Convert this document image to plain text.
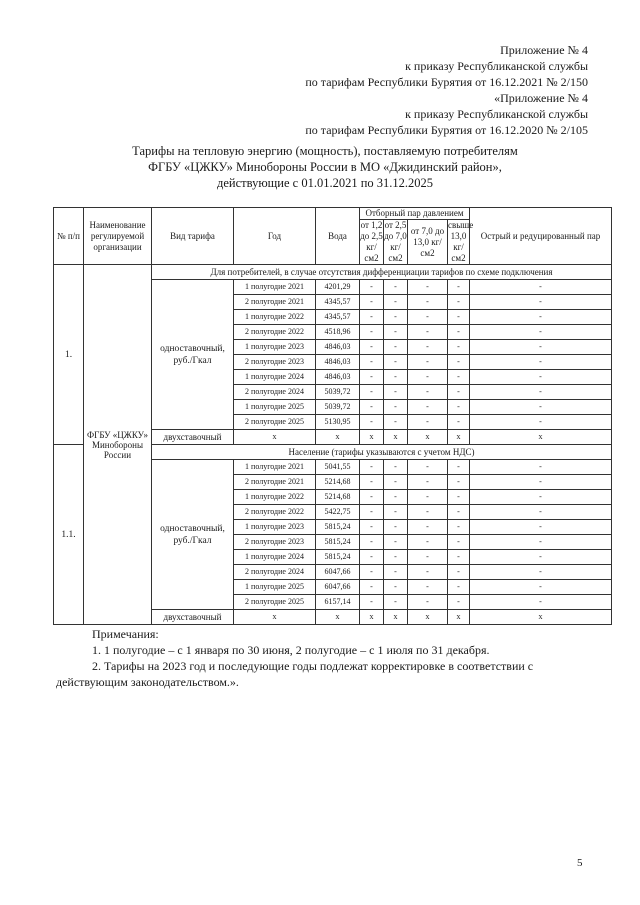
Приложение № 4
к приказу Республиканской службы
по тарифам Республики Бурятия от 16.12.2021 № 2/150
«Приложение № 4
к приказу Республиканской службы
по тарифам Республики Бурятия от 16.12.2020 № 2/105
Тарифы на тепловую энергию (мощность), поставляемую потребителям
ФГБУ «ЦЖКУ» Минобороны России в МО «Джидинский район»,
действующие с 01.01.2021 по 31.12.2025
№ п/п	Наименование регулируемой организации	Вид тарифа	Год	Вода	Отборный пар давлением				Острый и редуцированный пар
					от 1,2 до 2,5 кг/см2	от 2,5 до 7,0 кг/см2	от 7,0 до 13,0 кг/см2	свыше 13,0 кг/см2	
1.	ФГБУ «ЦЖКУ» Минобороны России	Для потребителей, в случае отсутствия дифференциации тарифов по схеме подключения							
		одноставочный, руб./Гкал	1 полугодие 2021	4201,29	-	-	-	-	-
			2 полугодие 2021	4345,57	-	-	-	-	-
			1 полугодие 2022	4345,57	-	-	-	-	-
			2 полугодие 2022	4518,96	-	-	-	-	-
			1 полугодие 2023	4846,03	-	-	-	-	-
			2 полугодие 2023	4846,03	-	-	-	-	-
			1 полугодие 2024	4846,03	-	-	-	-	-
			2 полугодие 2024	5039,72	-	-	-	-	-
			1 полугодие 2025	5039,72	-	-	-	-	-
			2 полугодие 2025	5130,95	-	-	-	-	-
		двухставочный	х	х	х	х	х	х	х
1.1.		Население (тарифы указываются с учетом НДС)							
		одноставочный, руб./Гкал	1 полугодие 2021	5041,55	-	-	-	-	-
			2 полугодие 2021	5214,68	-	-	-	-	-
			1 полугодие 2022	5214,68	-	-	-	-	-
			2 полугодие 2022	5422,75	-	-	-	-	-
			1 полугодие 2023	5815,24	-	-	-	-	-
			2 полугодие 2023	5815,24	-	-	-	-	-
			1 полугодие 2024	5815,24	-	-	-	-	-
			2 полугодие 2024	6047,66	-	-	-	-	-
			1 полугодие 2025	6047,66	-	-	-	-	-
			2 полугодие 2025	6157,14	-	-	-	-	-
		двухставочный	х	х	х	х	х	х	х

Примечания:

1. 1 полугодие – с 1 января по 30 июня, 2 полугодие – с 1 июля по 31 декабря.

2. Тарифы на 2023 год и последующие годы подлежат корректировке в соответствии с действующим законодательством.».

5
